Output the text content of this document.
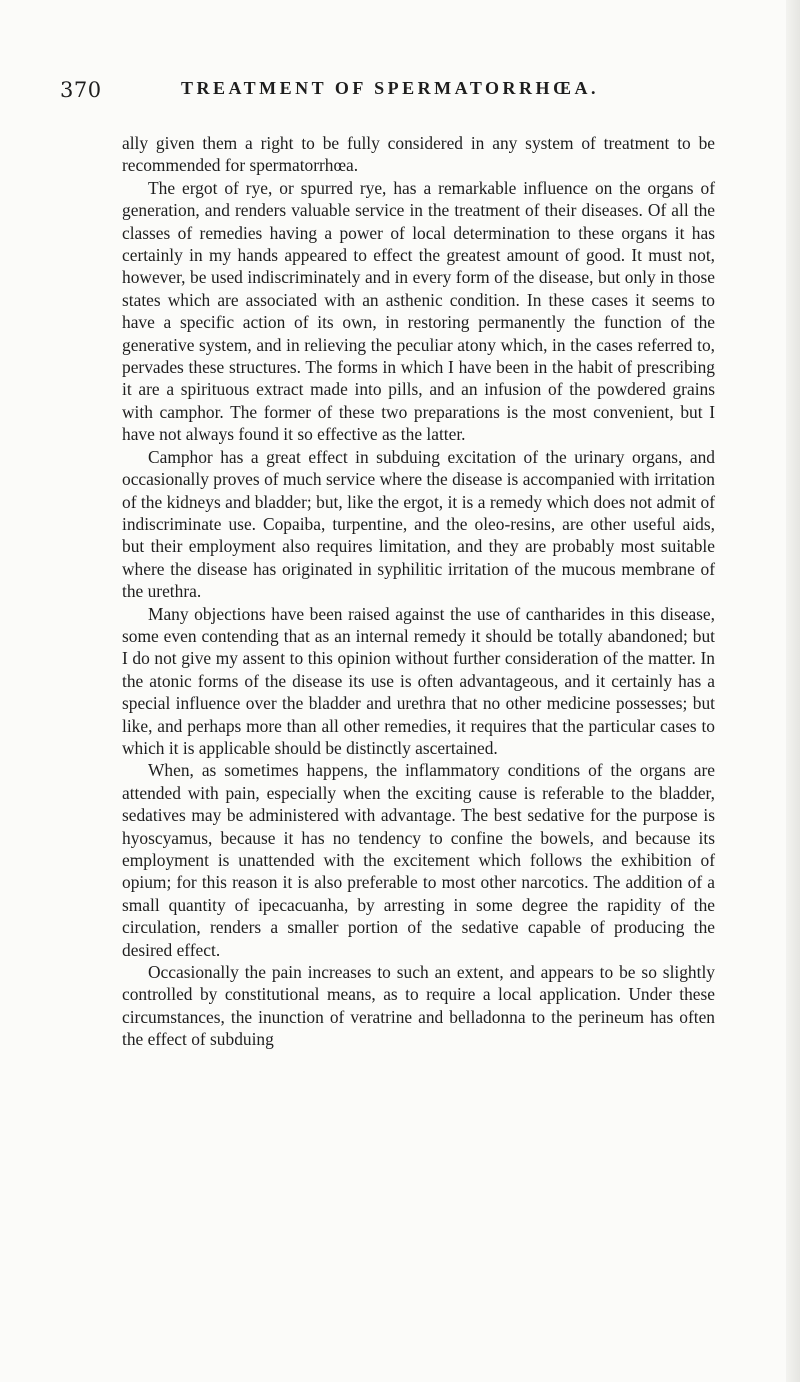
370	TREATMENT OF SPERMATORRHŒA.

ally given them a right to be fully considered in any system of treatment to be recommended for spermatorrhœa.

The ergot of rye, or spurred rye, has a remarkable influence on the organs of generation, and renders valuable service in the treatment of their diseases. Of all the classes of remedies having a power of local determination to these organs it has certainly in my hands appeared to effect the greatest amount of good. It must not, however, be used indiscriminately and in every form of the disease, but only in those states which are associated with an asthenic condition. In these cases it seems to have a specific action of its own, in restoring permanently the function of the generative system, and in relieving the peculiar atony which, in the cases referred to, pervades these structures. The forms in which I have been in the habit of prescribing it are a spirituous extract made into pills, and an infusion of the powdered grains with camphor. The former of these two preparations is the most convenient, but I have not always found it so effective as the latter.

Camphor has a great effect in subduing excitation of the urinary organs, and occasionally proves of much service where the disease is accompanied with irritation of the kidneys and bladder; but, like the ergot, it is a remedy which does not admit of indiscriminate use. Copaiba, turpentine, and the oleo-resins, are other useful aids, but their employment also requires limitation, and they are probably most suitable where the disease has originated in syphilitic irritation of the mucous membrane of the urethra.

Many objections have been raised against the use of cantharides in this disease, some even contending that as an internal remedy it should be totally abandoned; but I do not give my assent to this opinion without further consideration of the matter. In the atonic forms of the disease its use is often advantageous, and it certainly has a special influence over the bladder and urethra that no other medicine possesses; but like, and perhaps more than all other remedies, it requires that the particular cases to which it is applicable should be distinctly ascertained.

When, as sometimes happens, the inflammatory conditions of the organs are attended with pain, especially when the exciting cause is referable to the bladder, sedatives may be administered with advantage. The best sedative for the purpose is hyoscyamus, because it has no tendency to confine the bowels, and because its employment is unattended with the excitement which follows the exhibition of opium; for this reason it is also preferable to most other narcotics. The addition of a small quantity of ipecacuanha, by arresting in some degree the rapidity of the circulation, renders a smaller portion of the sedative capable of producing the desired effect.

Occasionally the pain increases to such an extent, and appears to be so slightly controlled by constitutional means, as to require a local application. Under these circumstances, the inunction of veratrine and belladonna to the perineum has often the effect of subduing
